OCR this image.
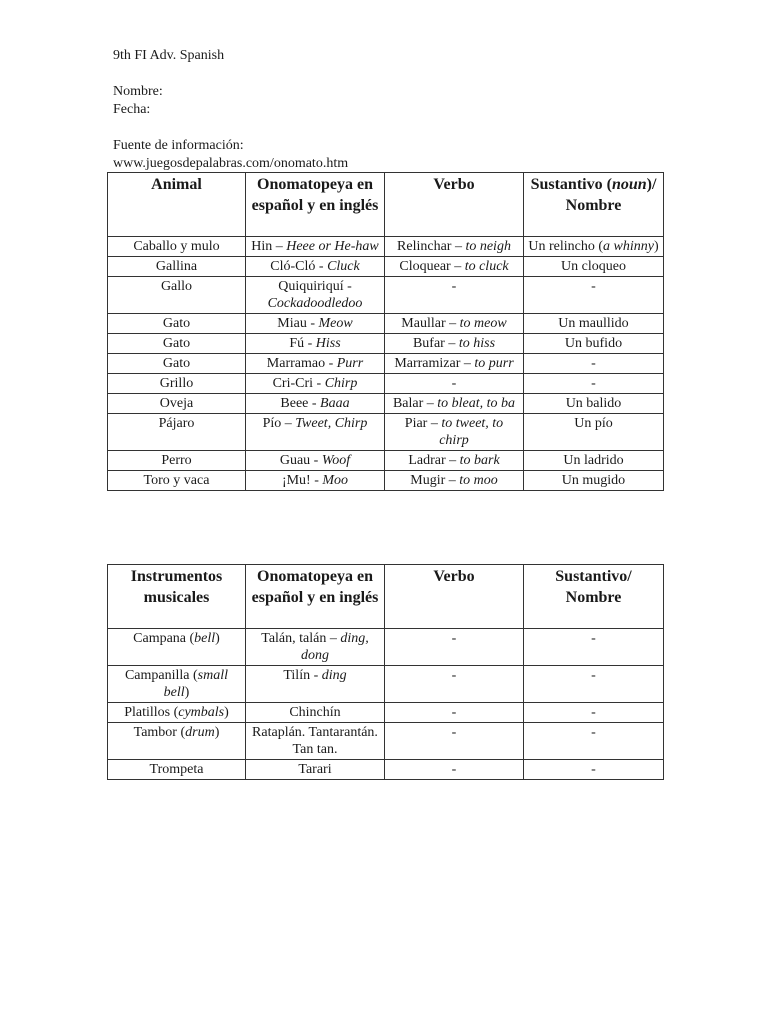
9th FI Adv. Spanish
Nombre:
Fecha:
Fuente de información:
www.juegosdepalabras.com/onomato.htm
Animal	Onomatopeya en español y en inglés	Verbo	Sustantivo (noun)/ Nombre
Caballo y mulo	Hin – Heee or He-haw	Relinchar – to neigh	Un relincho (a whinny)
Gallina	Cló-Cló - Cluck	Cloquear – to cluck	Un cloqueo
Gallo	Quiquiriquí - Cockadoodledoo	-	-
Gato	Miau - Meow	Maullar – to meow	Un maullido
Gato	Fú - Hiss	Bufar – to hiss	Un bufido
Gato	Marramao - Purr	Marramizar – to purr	-
Grillo	Cri-Cri - Chirp	-	-
Oveja	Beee - Baaa	Balar – to bleat, to ba	Un balido
Pájaro	Pío – Tweet, Chirp	Piar – to tweet, to chirp	Un pío
Perro	Guau - Woof	Ladrar – to bark	Un ladrido
Toro y vaca	¡Mu! - Moo	Mugir – to moo	Un mugido
Instrumentos musicales	Onomatopeya en español y en inglés	Verbo	Sustantivo/ Nombre
Campana (bell)	Talán, talán – ding, dong	-	-
Campanilla (small bell)	Tilín - ding	-	-
Platillos (cymbals)	Chinchín	-	-
Tambor (drum)	Rataplán. Tantarantán. Tan tan.	-	-
Trompeta	Tarari	-	-
